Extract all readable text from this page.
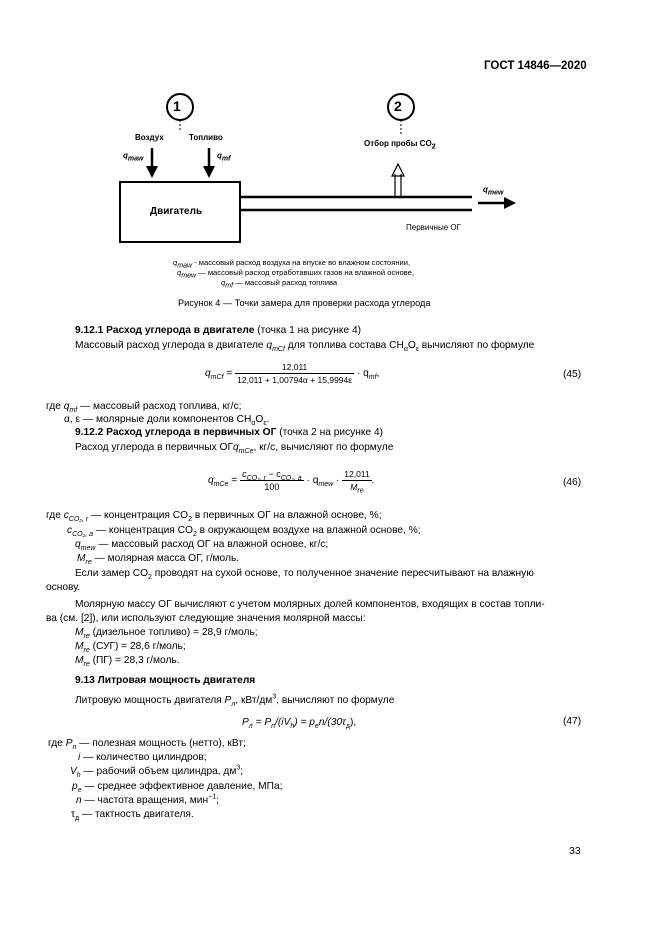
ГОСТ 14846—2020
1	2
Воздух	Топливо
$q_{maw}$	$q_{mf}$
Отбор пробы $CO_2$
$q_{mew}$
Двигатель
Первичные ОГ
$q_{maw}$ - массовый расход воздуха на впуске во влажном состоянии,
$q_{mew}$ — массовый расход отработавших газов на влажной основе,
$q_{mf}$ — массовый расход топлива
Рисунок 4 — Точки замера для проверки расхода углерода
9.12.1 Расход углерода в двигателе (точка 1 на рисунке 4)
Массовый расход углерода в двигателе $q_{mCf}$ для топлива состава $CH_\alpha O_\varepsilon$ вычисляют по формуле
$q_{mCf} = \frac{12,011}{12,011 + 1,00794\alpha + 15,9994\varepsilon} \cdot q_{mf}$,	(45)
где $q_{mf}$ — массовый расход топлива, кг/с;
α, ε — молярные доли компонентов $CH_\alpha O_\varepsilon$.
9.12.2 Расход углерода в первичных ОГ (точка 2 на рисунке 4)
Расход углерода в первичных ОГq$_{mCe}$, кг/с, вычисляют по формуле
$q_{mCe} = \frac{c_{CO_2, r} - c_{CO_2, a}}{100} \cdot q_{mew} \cdot \frac{12,011}{M_{re}}$ .	(46)
где $c_{CO_2, r}$ — концентрация $CO_2$ в первичных ОГ на влажной основе, %;
$c_{CO_2, a}$ — концентрация $CO_2$ в окружающем воздухе на влажной основе, %;
$q_{mew}$ — массовый расход ОГ на влажной основе, кг/с;
$M_{re}$ — молярная масса ОГ, г/моль.
Если замер $CO_2$ проводят на сухой основе, то полученное значение пересчитывают на влажную
основу.
Молярную массу ОГ вычисляют с учетом молярных долей компонентов, входящих в состав топли-
ва (см. [2]), или используют следующие значения молярной массы:
$M_{re}$ (дизельное топливо) = 28,9 г/моль;
$M_{re}$ (СУГ) = 28,6 г/моль;
$M_{re}$ (ПГ) = 28,3 г/моль.
9.13 Литровая мощность двигателя
Литровую мощность двигателя $P_л$, кВт/$дм^3$, вычисляют по формуле
$P_л = P_n/(iV_h) = p_en/(30\tau_д)$,	(47)
где $P_n$ — полезная мощность (нетто), кВт;
i — количество цилиндров;
$V_h$ — рабочий объем цилиндра, $дм^3$;
$p_e$ — среднее эффективное давление, МПа;
n — частота вращения, мин$^{-1}$;
$\tau_д$ — тактность двигателя.
33
